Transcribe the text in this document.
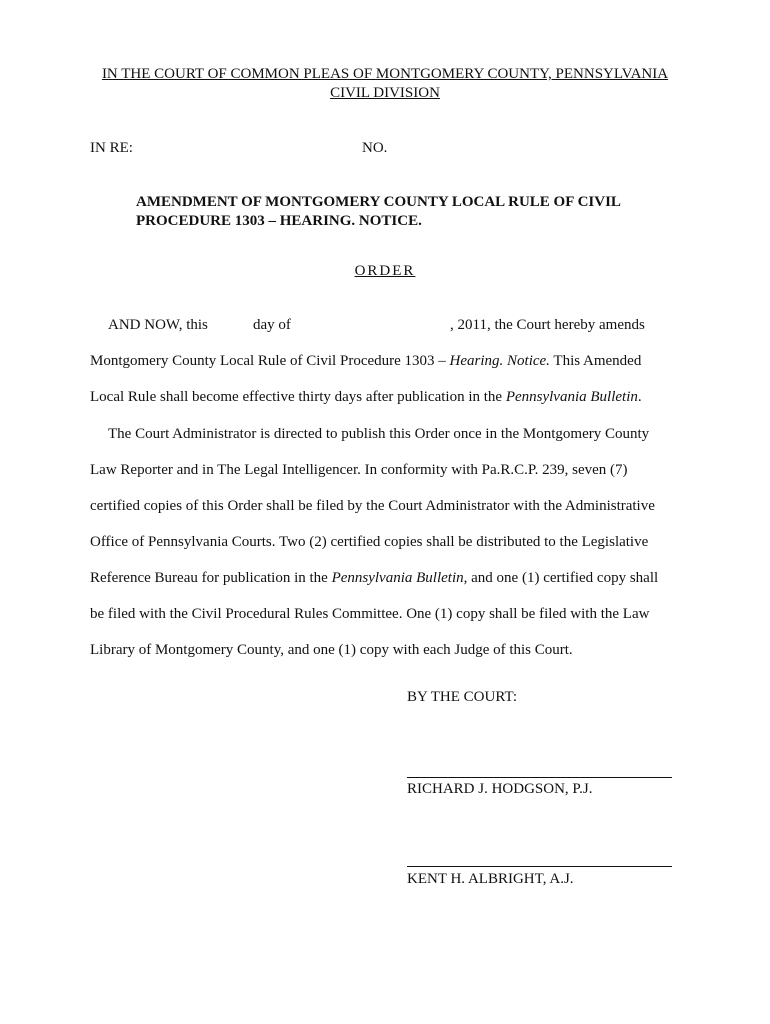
IN THE COURT OF COMMON PLEAS OF MONTGOMERY COUNTY, PENNSYLVANIA
CIVIL DIVISION
IN RE:	NO.
AMENDMENT OF MONTGOMERY COUNTY LOCAL RULE OF CIVIL
PROCEDURE 1303 – HEARING. NOTICE.
ORDER
AND NOW, this	day of	, 2011, the Court hereby amends
Montgomery County Local Rule of Civil Procedure 1303 – Hearing. Notice. This Amended
Local Rule shall become effective thirty days after publication in the Pennsylvania Bulletin.
The Court Administrator is directed to publish this Order once in the Montgomery County
Law Reporter and in The Legal Intelligencer. In conformity with Pa.R.C.P. 239, seven (7)
certified copies of this Order shall be filed by the Court Administrator with the Administrative
Office of Pennsylvania Courts. Two (2) certified copies shall be distributed to the Legislative
Reference Bureau for publication in the Pennsylvania Bulletin, and one (1) certified copy shall
be filed with the Civil Procedural Rules Committee. One (1) copy shall be filed with the Law
Library of Montgomery County, and one (1) copy with each Judge of this Court.
BY THE COURT:
RICHARD J. HODGSON, P.J.
KENT H. ALBRIGHT, A.J.
